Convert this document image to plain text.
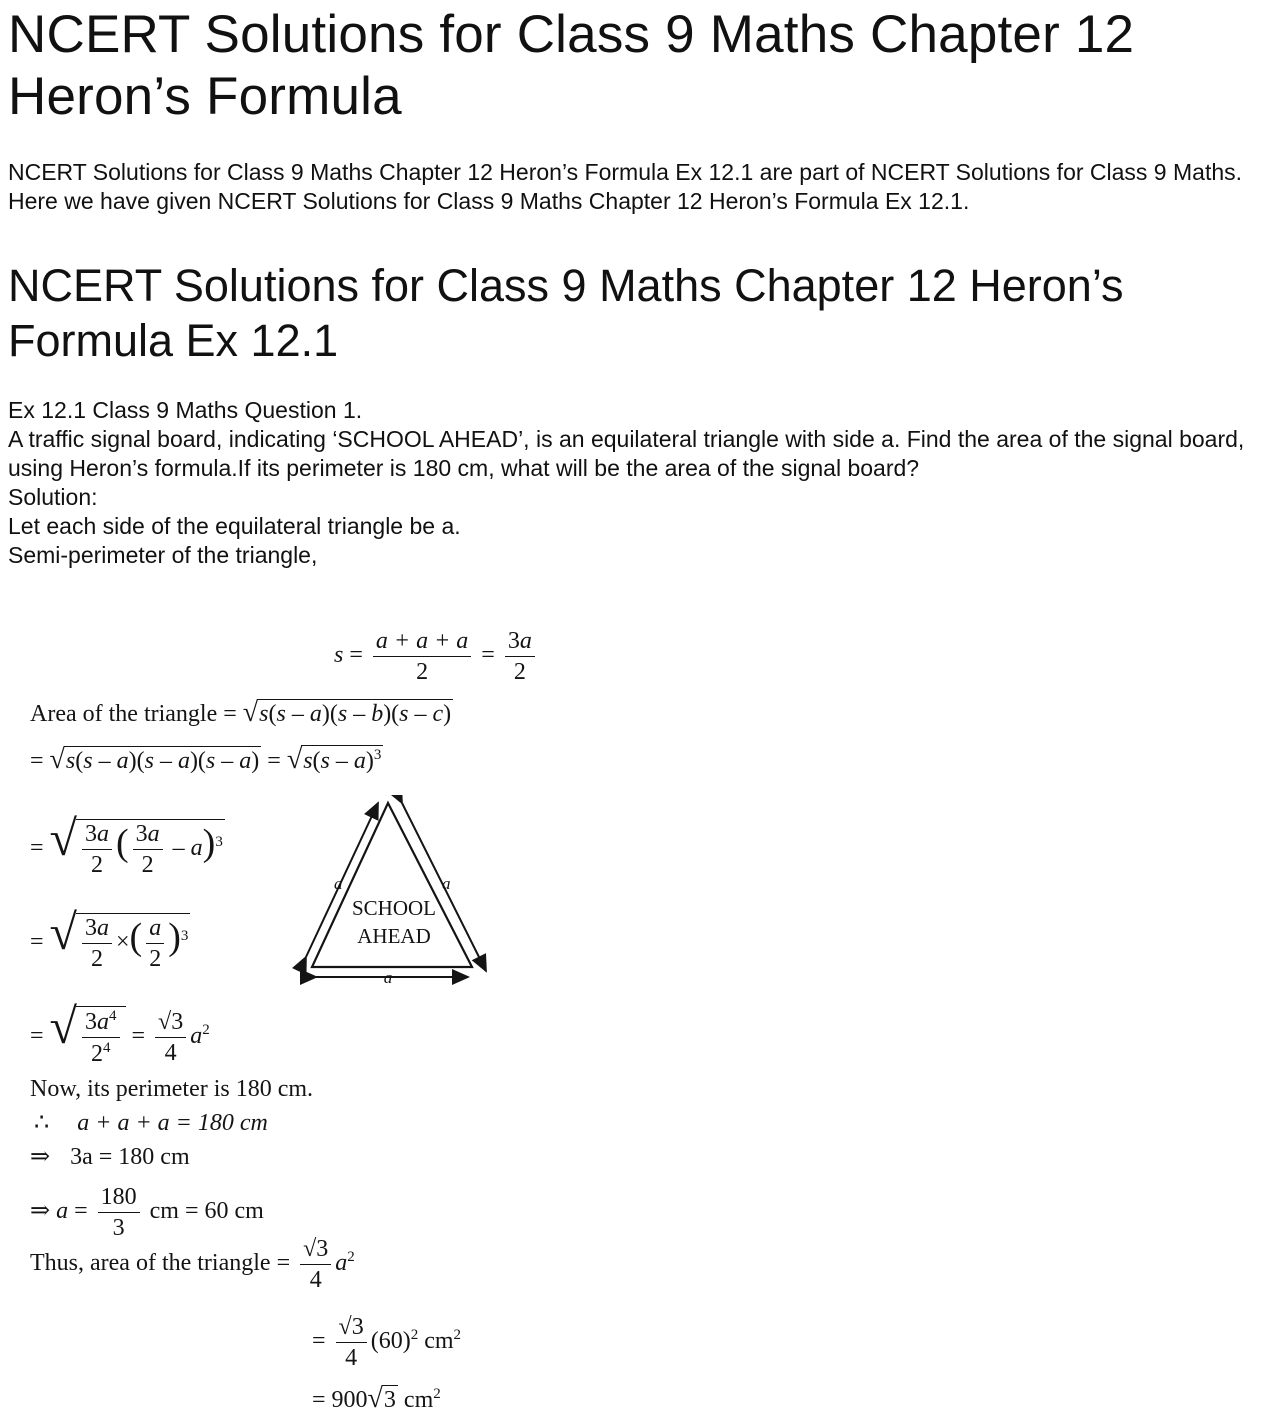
NCERT Solutions for Class 9 Maths Chapter 12 Heron’s Formula

NCERT Solutions for Class 9 Maths Chapter 12 Heron’s Formula Ex 12.1 are part of NCERT Solutions for Class 9 Maths. Here we have given NCERT Solutions for Class 9 Maths Chapter 12 Heron’s Formula Ex 12.1.

NCERT Solutions for Class 9 Maths Chapter 12 Heron’s Formula Ex 12.1
Ex 12.1 Class 9 Maths Question 1.
A traffic signal board, indicating ‘SCHOOL AHEAD’, is an equilateral triangle with side a. Find the area of the signal board, using Heron’s formula.If its perimeter is 180 cm, what will be the area of the signal board?
Solution:
Let each side of the equilateral triangle be a.
Semi-perimeter of the triangle,
$s = \frac{a + a + a}{2} = \frac{3a}{2}$
Area of the triangle = √s(s – a)(s – b)(s – c)
= √s(s – a)(s – a)(s – a) = √s(s – a)$^3$
= √ $\frac{3a}{2}$ ( $\frac{3a}{2} - a)^3$
= √ $\frac{3a}{2}$ ×( $\frac{a}{2} )^3$
= √ $\frac{3a^4}{2^4} = \frac{√3}{4} a^2$
a	a
a
SCHOOL
AHEAD
Now, its perimeter is 180 cm.
∴ a + a + a = 180 cm
⇒ 3a = 180 cm
⇒ $a = \frac{180}{3}$ cm = 60 cm
Thus, area of the triangle = $\frac{√3}{4} a^2$
= $\frac{√3}{4} (60)^2$ $cm^2$
= 900√3 $cm^2$
